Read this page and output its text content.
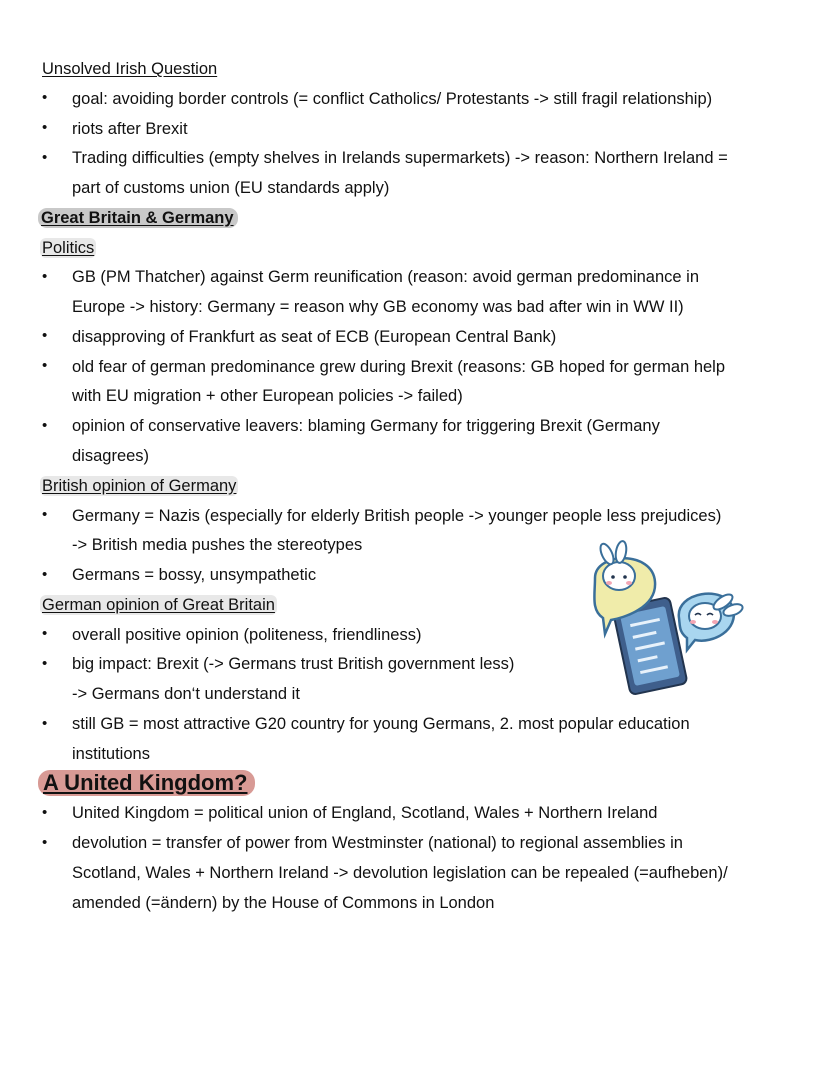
Unsolved Irish Question
•
goal: avoiding border controls (= conflict Catholics/ Protestants -> still fragil relationship)
•
riots after Brexit
•
Trading difficulties (empty shelves in Irelands supermarkets) -> reason: Northern Ireland =
part of customs union (EU standards apply)
Great Britain & Germany
Politics
•
GB (PM Thatcher) against Germ reunification (reason: avoid german predominance in
Europe -> history: Germany = reason why GB economy was bad after win in WW II)
•
disapproving of Frankfurt as seat of ECB (European Central Bank)
•
old fear of german predominance grew during Brexit (reasons: GB hoped for german help
with EU migration + other European policies -> failed)
•
opinion of conservative leavers: blaming Germany for triggering Brexit (Germany
disagrees)
British opinion of Germany
•
Germany = Nazis (especially for elderly British people -> younger people less prejudices)
-> British media pushes the stereotypes
•
Germans = bossy, unsympathetic
German opinion of Great Britain
•
overall positive opinion (politeness, friendliness)
•
big impact: Brexit (-> Germans trust British government less)
-> Germans don‘t understand it
•
still GB = most attractive G20 country for young Germans, 2. most popular education
institutions
A United Kingdom?
•
United Kingdom = political union of England, Scotland, Wales + Northern Ireland
•
devolution = transfer of power from Westminster (national) to regional assemblies in
Scotland, Wales + Northern Ireland -> devolution legislation can be repealed (=aufheben)/
amended (=ändern) by the House of Commons in London
